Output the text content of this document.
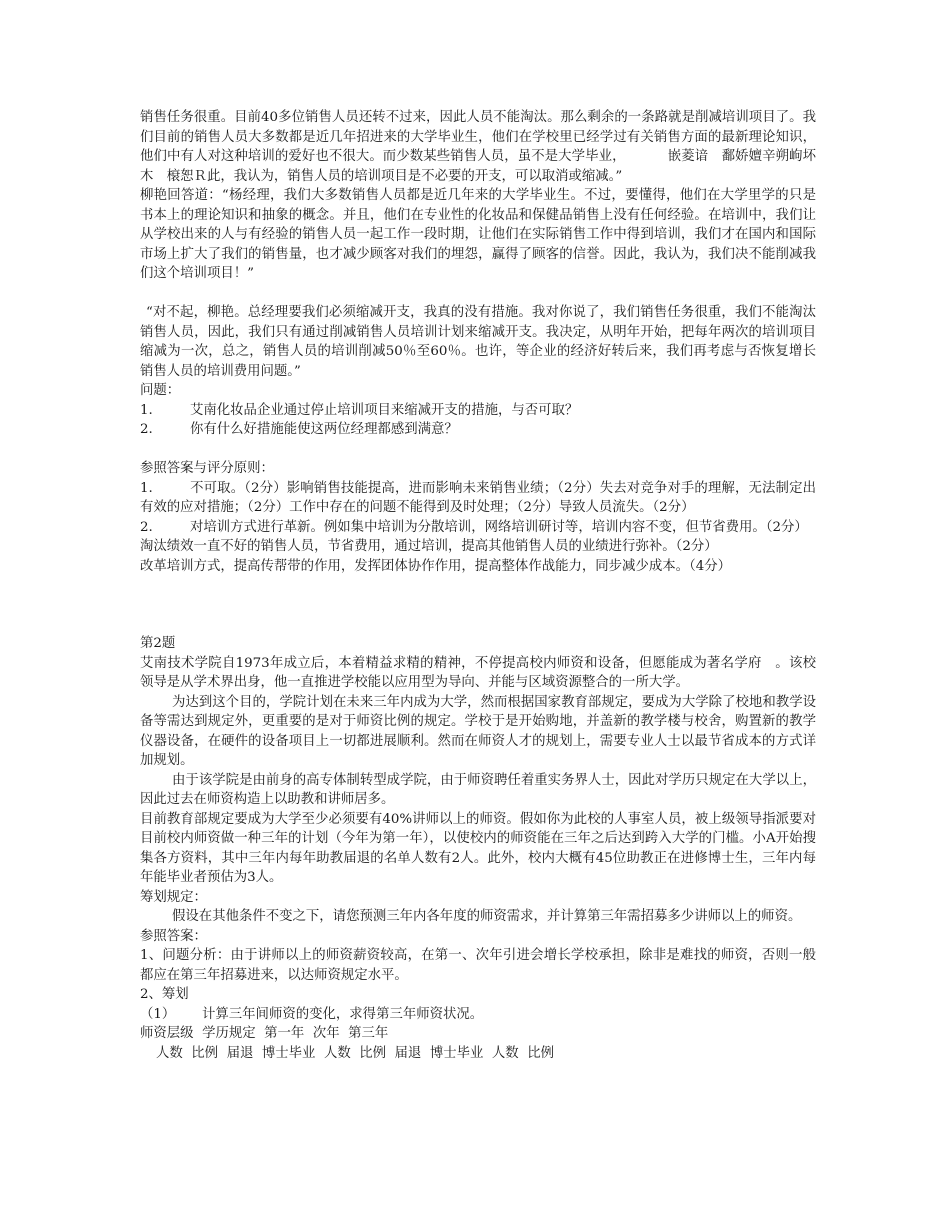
销售任务很重。目前40多位销售人员还转不过来，因此人员不能淘汰。那么剩余的一条路就是削减培训项目了。我们目前的销售人员大多数都是近几年招进来的大学毕业生，他们在学校里已经学过有关销售方面的最新理论知识，他们中有人对这种培训的爱好也不很大。而少数某些销售人员，虽不是大学毕业，	嵌菱谙　鄱娇嬗辛朔岣坏木　榱恕Ｒ此，我认为，销售人员的培训项目是不必要的开支，可以取消或缩减。”

柳艳回答道：“杨经理，我们大多数销售人员都是近几年来的大学毕业生。不过，要懂得，他们在大学里学的只是书本上的理论知识和抽象的概念。并且，他们在专业性的化妆品和保健品销售上没有任何经验。在培训中，我们让从学校出来的人与有经验的销售人员一起工作一段时期，让他们在实际销售工作中得到培训，我们才在国内和国际市场上扩大了我们的销售量，也才减少顾客对我们的埋怨，赢得了顾客的信誉。因此，我认为，我们决不能削减我们这个培训项目！”

“对不起，柳艳。总经理要我们必须缩减开支，我真的没有措施。我对你说了，我们销售任务很重，我们不能淘汰销售人员，因此，我们只有通过削减销售人员培训计划来缩减开支。我决定，从明年开始，把每年两次的培训项目缩减为一次，总之，销售人员的培训削减50％至60％。也许，等企业的经济好转后来，我们再考虑与否恢复增长销售人员的培训费用问题。”

问题：

1.	艾南化妆品企业通过停止培训项目来缩减开支的措施，与否可取？
2.	你有什么好措施能使这两位经理都感到满意？

参照答案与评分原则：

1.	不可取。（2分）影响销售技能提高，进而影响未来销售业绩；（2分）失去对竞争对手的理解，无法制定出有效的应对措施；（2分）工作中存在的问题不能得到及时处理；（2分）导致人员流失。（2分）

2.	对培训方式进行革新。例如集中培训为分散培训，网络培训研讨等，培训内容不变，但节省费用。（2分）

淘汰绩效一直不好的销售人员，节省费用，通过培训，提高其他销售人员的业绩进行弥补。（2分）

改革培训方式，提高传帮带的作用，发挥团体协作作用，提高整体作战能力，同步减少成本。（4分）

第2题

艾南技术学院自1973年成立后，本着精益求精的精神，不停提高校内师资和设备，但愿能成为著名学府　。该校领导是从学术界出身，他一直推进学校能以应用型为导向、并能与区域资源整合的一所大学。

为达到这个目的，学院计划在未来三年内成为大学，然而根据国家教育部规定，要成为大学除了校地和教学设备等需达到规定外，更重要的是对于师资比例的规定。学校于是开始购地，并盖新的教学楼与校舍，购置新的教学仪器设备，在硬件的设备项目上一切都进展顺利。然而在师资人才的规划上，需要专业人士以最节省成本的方式详加规划。

由于该学院是由前身的高专体制转型成学院，由于师资聘任着重实务界人士，因此对学历只规定在大学以上，因此过去在师资构造上以助教和讲师居多。

目前教育部规定要成为大学至少必须要有40%讲师以上的师资。假如你为此校的人事室人员，被上级领导指派要对目前校内师资做一种三年的计划（今年为第一年），以使校内的师资能在三年之后达到跨入大学的门槛。小A开始搜集各方资料，其中三年内每年助教届退的名单人数有2人。此外，校内大概有45位助教正在进修博士生，三年内每年能毕业者预估为3人。

筹划规定：

假设在其他条件不变之下，请您预测三年内各年度的师资需求，并计算第三年需招募多少讲师以上的师资。

参照答案：

1、问题分析：由于讲师以上的师资薪资较高，在第一、次年引进会增长学校承担，除非是难找的师资，否则一般都应在第三年招募进来，以达师资规定水平。

2、筹划

（1） 计算三年间师资的变化，求得第三年师资状况。

师资层级  学历规定  第一年  次年  第三年

人数  比例  届退  博士毕业  人数  比例  届退  博士毕业  人数  比例
